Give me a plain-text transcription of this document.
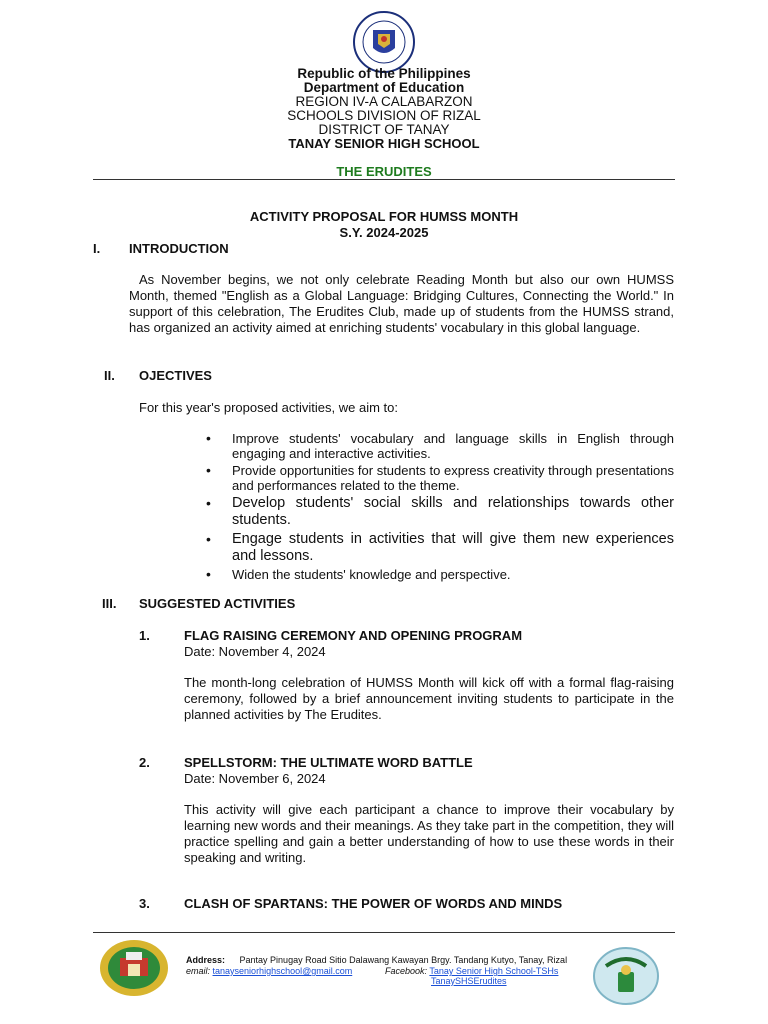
Republic of the Philippines
Department of Education
REGION IV-A CALABARZON
SCHOOLS DIVISION OF RIZAL
DISTRICT OF TANAY
TANAY SENIOR HIGH SCHOOL
THE ERUDITES
ACTIVITY PROPOSAL FOR HUMSS MONTH
S.Y. 2024-2025
I. INTRODUCTION
As November begins, we not only celebrate Reading Month but also our own HUMSS Month, themed "English as a Global Language: Bridging Cultures, Connecting the World." In support of this celebration, The Erudites Club, made up of students from the HUMSS strand, has organized an activity aimed at enriching students' vocabulary in this global language.
II. OJECTIVES
For this year's proposed activities, we aim to:
• Improve students' vocabulary and language skills in English through engaging and interactive activities.
• Provide opportunities for students to express creativity through presentations and performances related to the theme.
• Develop students' social skills and relationships towards other students.
• Engage students in activities that will give them new experiences and lessons.
• Widen the students' knowledge and perspective.
III. SUGGESTED ACTIVITIES
1.	FLAG RAISING CEREMONY AND OPENING PROGRAM
Date: November 4, 2024
The month-long celebration of HUMSS Month will kick off with a formal flag-raising ceremony, followed by a brief announcement inviting students to participate in the planned activities by The Erudites.
2.	SPELLSTORM: THE ULTIMATE WORD BATTLE
Date: November 6, 2024
This activity will give each participant a chance to improve their vocabulary by learning new words and their meanings. As they take part in the competition, they will practice spelling and gain a better understanding of how to use these words in their speaking and writing.
3.	CLASH OF SPARTANS: THE POWER OF WORDS AND MINDS
Address: Pantay Pinugay Road Sitio Dalawang Kawayan Brgy. Tandang Kutyo, Tanay, Rizal
email: tanayseniorhighschool@gmail.com	Facebook: Tanay Senior High School-TSHs
TanaySHSErudites
